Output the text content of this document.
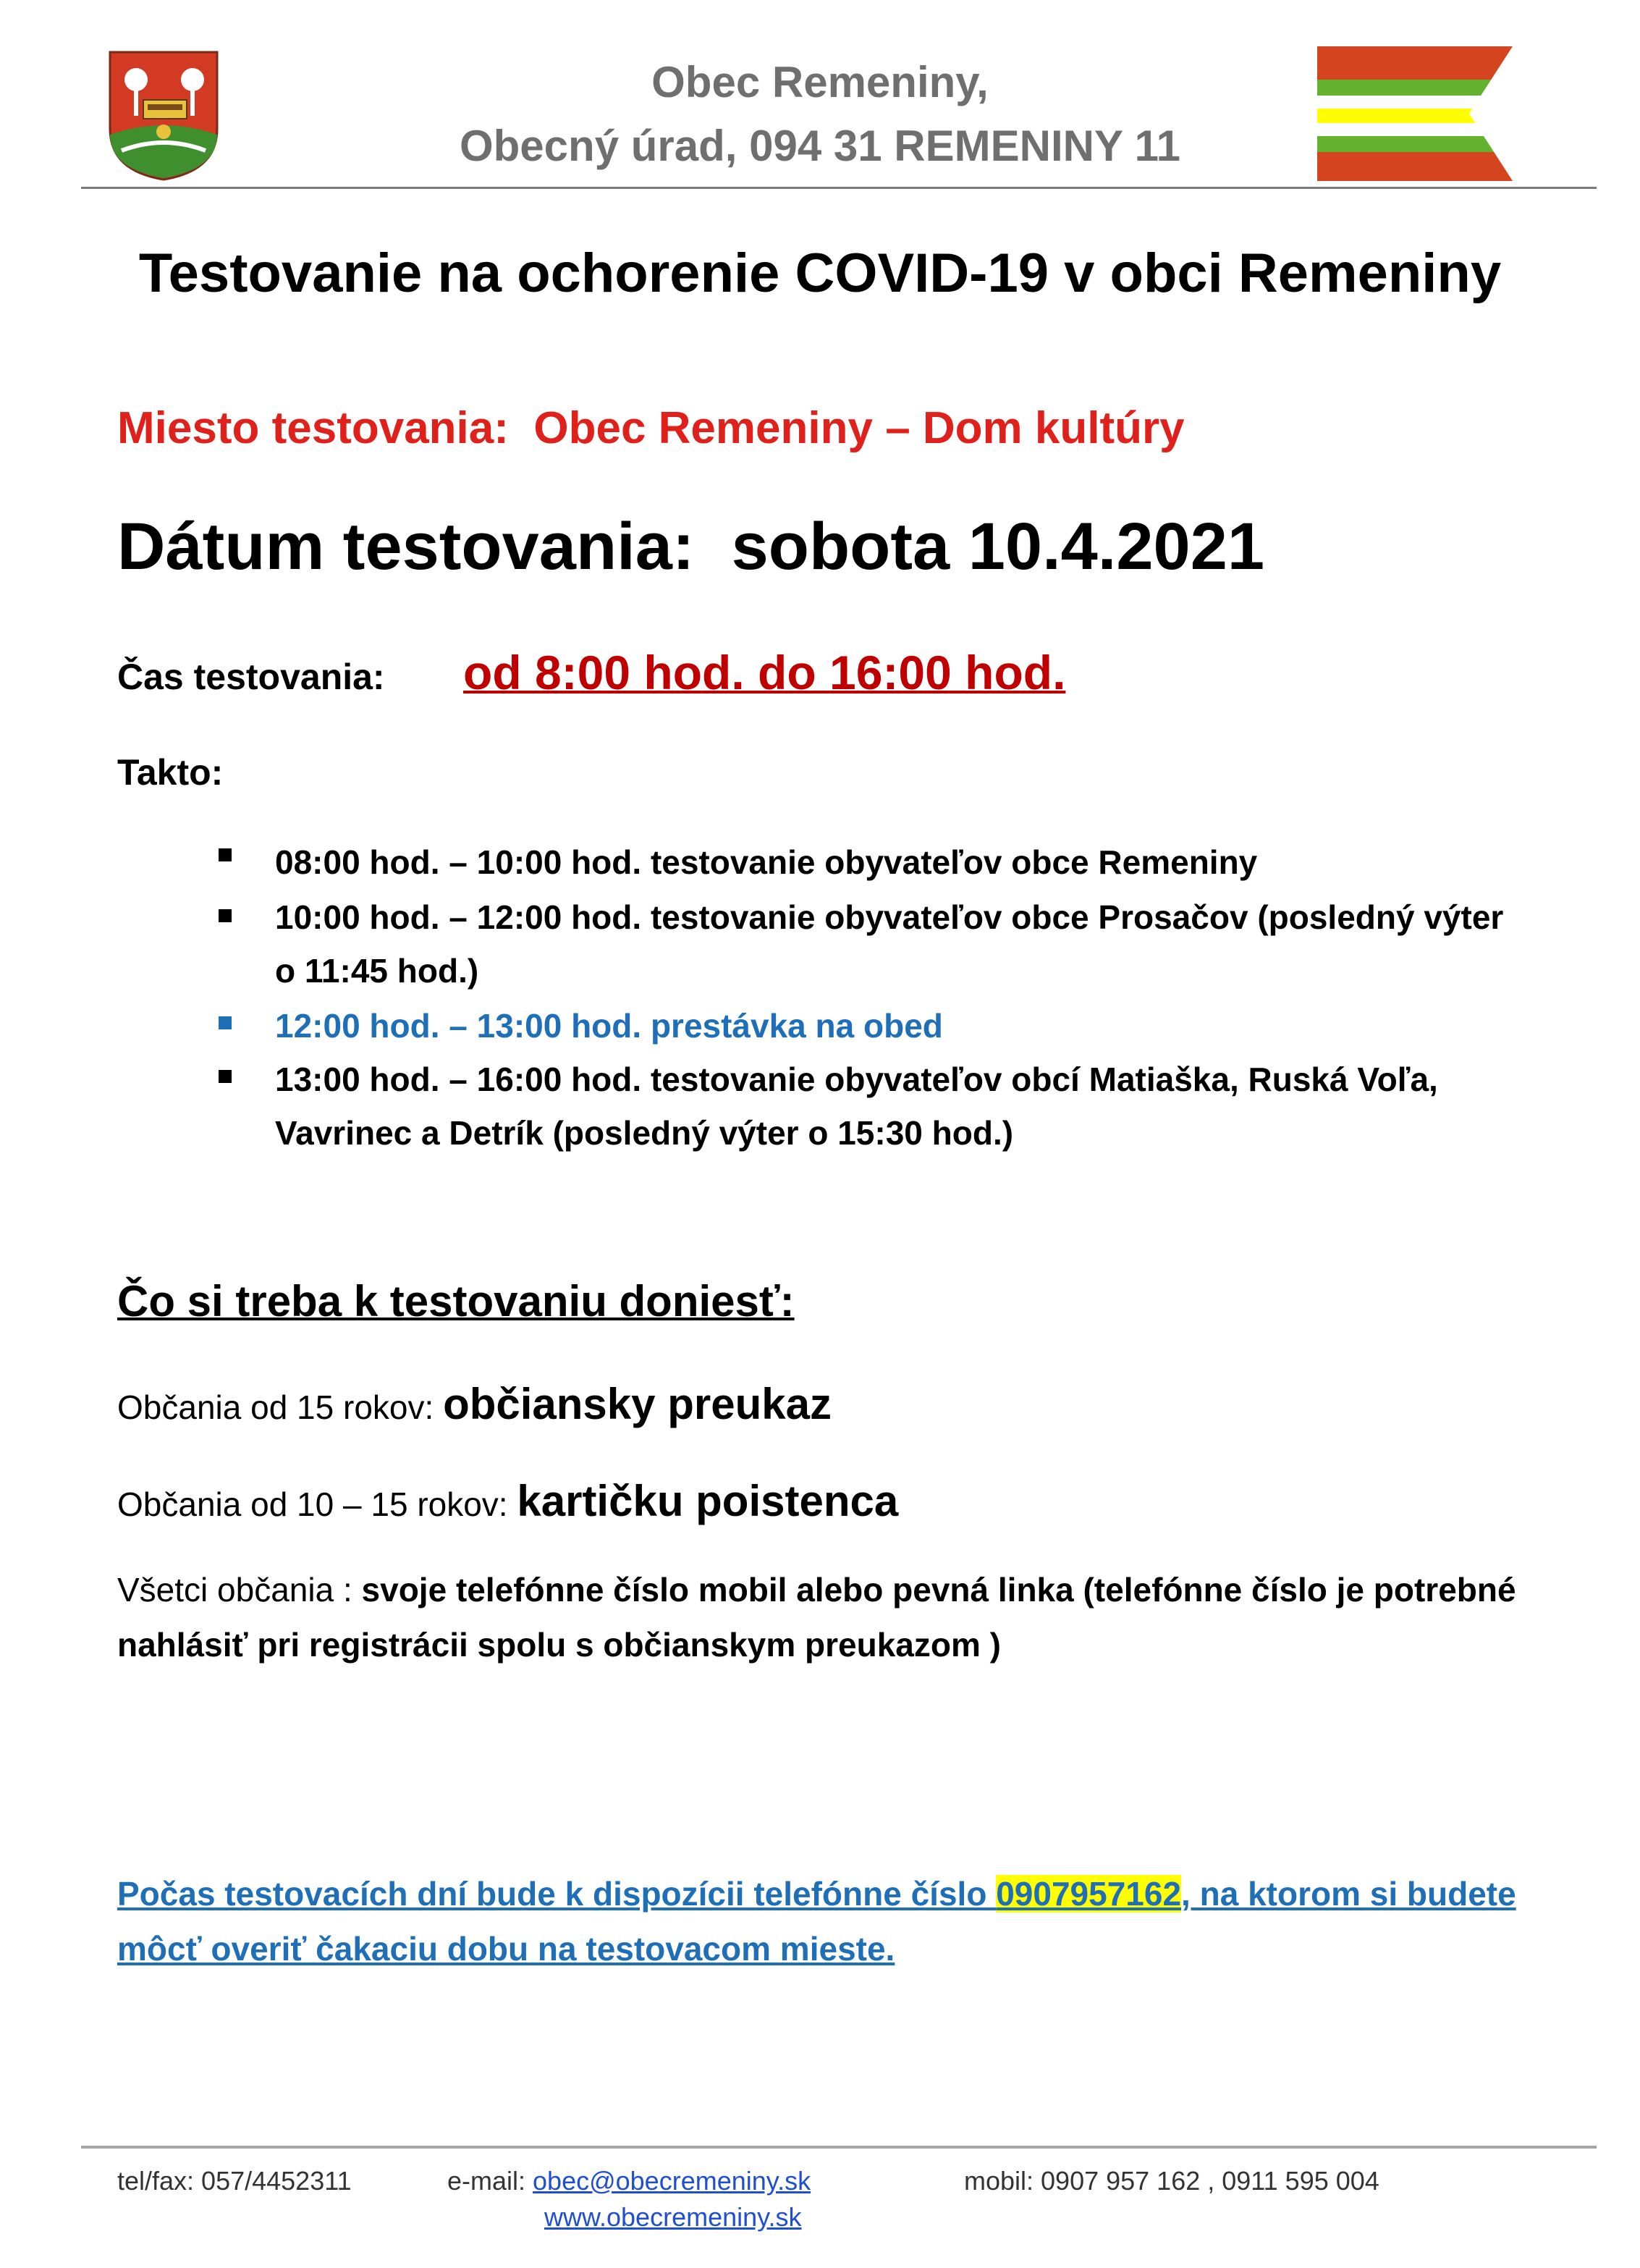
Obec Remeniny,
Obecný úrad, 094 31 REMENINY 11
Testovanie na ochorenie COVID-19 v obci Remeniny
Miesto testovania: Obec Remeniny – Dom kultúry
Dátum testovania: sobota 10.4.2021
Čas testovania: od 8:00 hod. do 16:00 hod.
Takto:
08:00 hod. – 10:00 hod. testovanie obyvateľov obce Remeniny
10:00 hod. – 12:00 hod. testovanie obyvateľov obce Prosačov (posledný výter
o 11:45 hod.)
12:00 hod. – 13:00 hod. prestávka na obed
13:00 hod. – 16:00 hod. testovanie obyvateľov obcí Matiaška, Ruská Voľa,
Vavrinec a Detrík (posledný výter o 15:30 hod.)
Čo si treba k testovaniu doniesť:
Občania od 15 rokov: občiansky preukaz
Občania od 10 – 15 rokov: kartičku poistenca
Všetci občania : svoje telefónne číslo mobil alebo pevná linka (telefónne číslo je potrebné
nahlásiť pri registrácii spolu s občianskym preukazom )
Počas testovacích dní bude k dispozícii telefónne číslo 0907957162, na ktorom si budete
môcť overiť čakaciu dobu na testovacom mieste.
tel/fax: 057/4452311	e-mail: obec@obecremeniny.sk	mobil: 0907 957 162 , 0911 595 004
www.obecremeniny.sk
